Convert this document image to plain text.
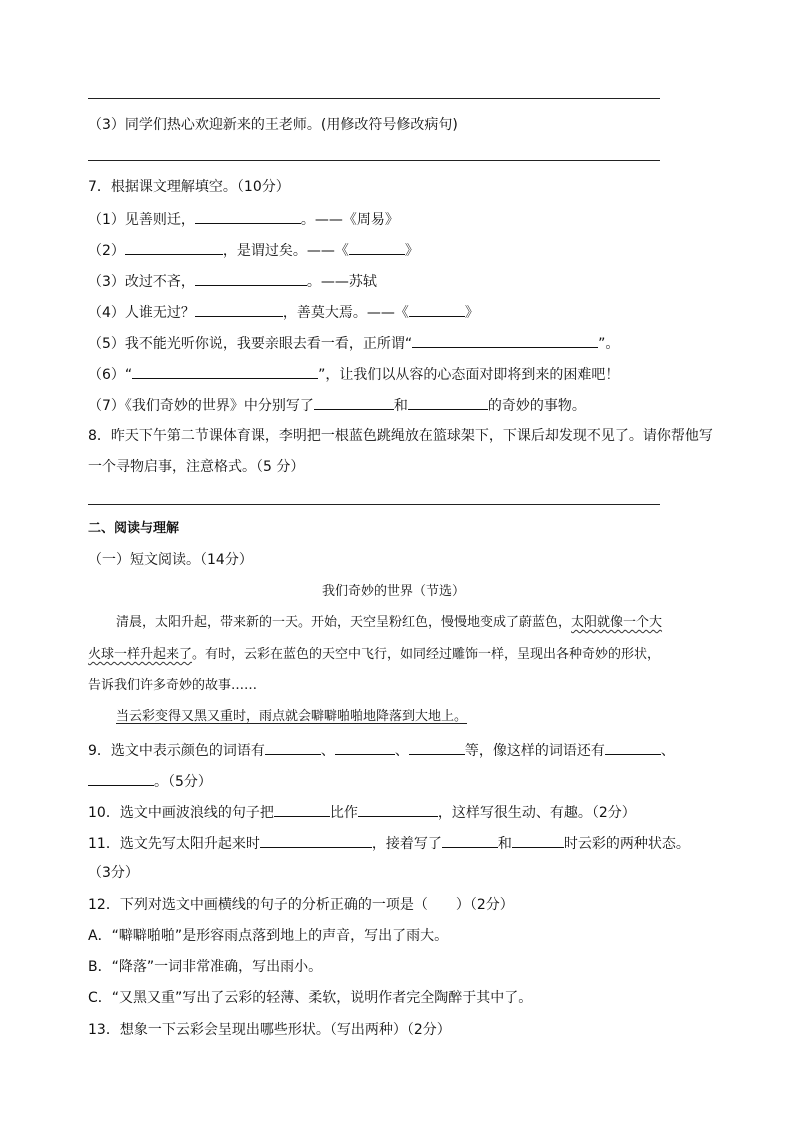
（3）同学们热心欢迎新来的王老师。(用修改符号修改病句)
7．根据课文理解填空。（10分）
（1）见善则迁，	。——《周易》
（2）	，是谓过矣。——《	》
（3）改过不吝，	。——苏轼
（4）人谁无过？	，善莫大焉。——《	》
（5）我不能光听你说，我要亲眼去看一看，正所谓“	”。
（6）“	”，让我们以从容的心态面对即将到来的困难吧！
（7）《我们奇妙的世界》中分别写了	和	的奇妙的事物。
8．昨天下午第二节课体育课，李明把一根蓝色跳绳放在篮球架下，下课后却发现不见了。请你帮他写
一个寻物启事，注意格式。（5 分）
二、阅读与理解
（一）短文阅读。（14分）
我们奇妙的世界（节选）
清晨，太阳升起，带来新的一天。开始，天空呈粉红色，慢慢地变成了蔚蓝色，太阳就像一个大
火球一样升起来了。有时，云彩在蓝色的天空中飞行，如同经过雕饰一样，呈现出各种奇妙的形状，
告诉我们许多奇妙的故事……
当云彩变得又黑又重时，雨点就会噼噼啪啪地降落到大地上。
9．选文中表示颜色的词语有	、	、	等，像这样的词语还有	、
。（5分）
10．选文中画波浪线的句子把	比作	，这样写很生动、有趣。（2分）
11．选文先写太阳升起来时	，接着写了	和	时云彩的两种状态。
（3分）
12．下列对选文中画横线的句子的分析正确的一项是（　　）（2分）
A．“噼噼啪啪”是形容雨点落到地上的声音，写出了雨大。
B．“降落”一词非常准确，写出雨小。
C．“又黑又重”写出了云彩的轻薄、柔软，说明作者完全陶醉于其中了。
13．想象一下云彩会呈现出哪些形状。（写出两种）（2分）
